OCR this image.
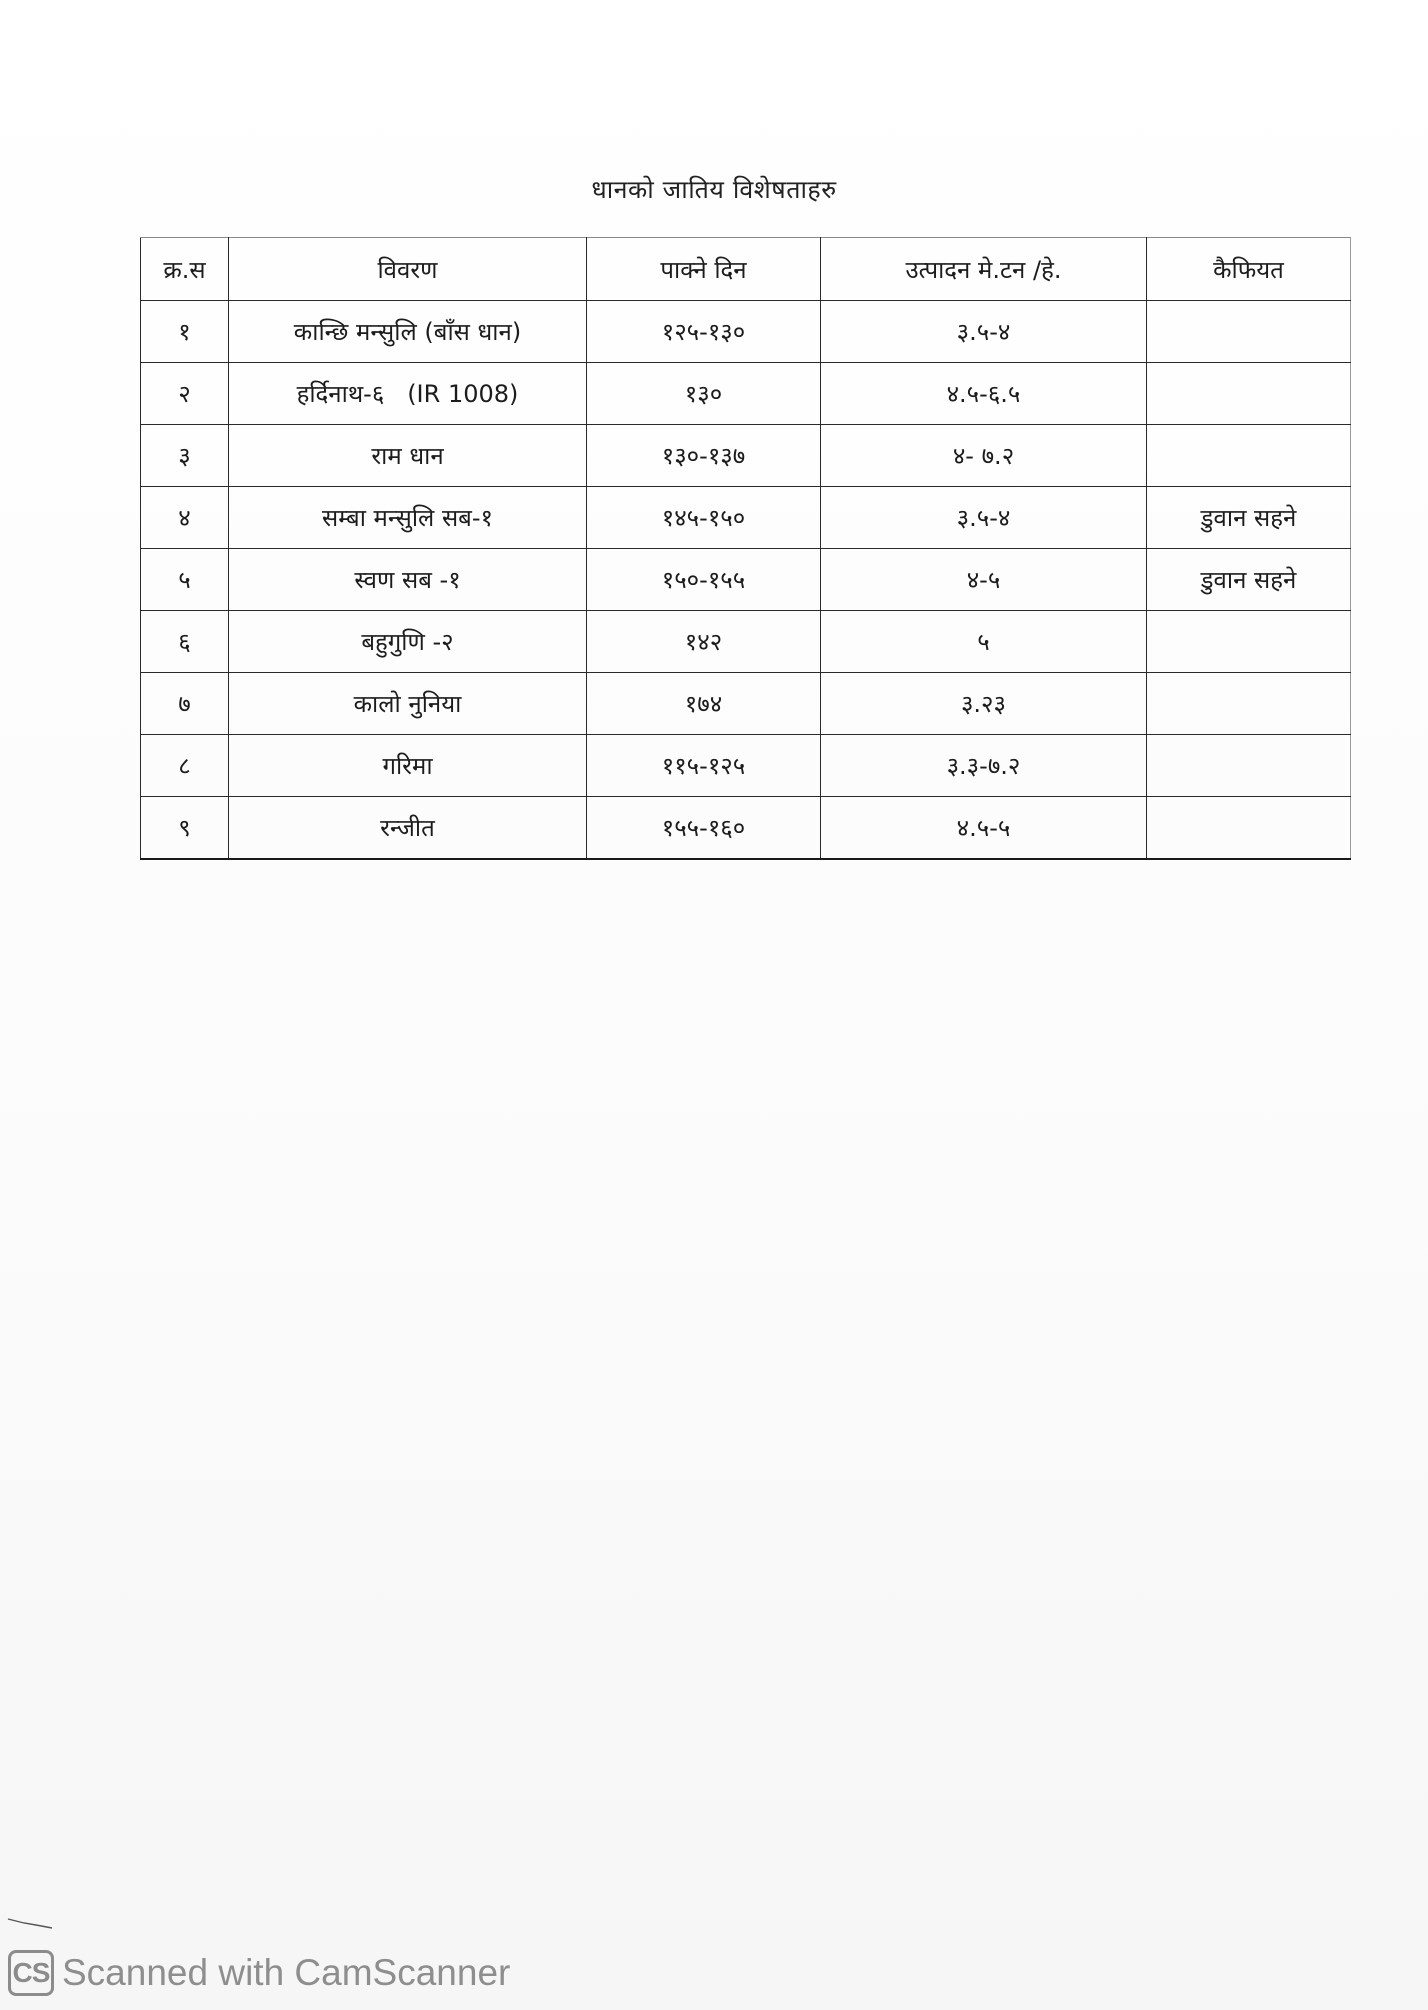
धानको जातिय विशेषताहरु
क्र.स	विवरण	पाक्ने दिन	उत्पादन मे.टन /हे.	कैफियत
१	कान्छि मन्सुलि (बाँस धान)	१२५-१३०	३.५-४	
२	हर्दिनाथ-६   (IR 1008)	१३०	४.५-६.५	
३	राम धान	१३०-१३७	४- ७.२	
४	सम्बा मन्सुलि सब-१	१४५-१५०	३.५-४	डुवान सहने
५	स्वण सब -१	१५०-१५५	४-५	डुवान सहने
६	बहुगुणि -२	१४२	५	
७	कालो नुनिया	१७४	३.२३	
८	गरिमा	११५-१२५	३.३-७.२	
९	रन्जीत	१५५-१६०	४.५-५	
CS Scanned with CamScanner
